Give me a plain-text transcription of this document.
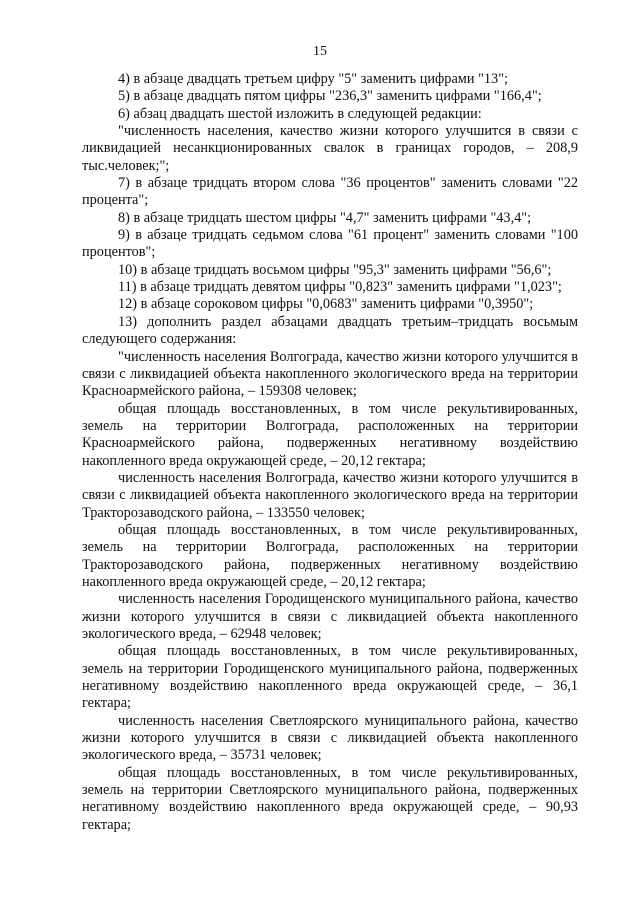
15

4) в абзаце двадцать третьем цифру "5" заменить цифрами "13";

5) в абзаце двадцать пятом цифры "236,3" заменить цифрами "166,4";

6) абзац двадцать шестой изложить в следующей редакции:

"численность населения, качество жизни которого улучшится в связи с ликвидацией несанкционированных свалок в границах городов, – 208,9 тыс.человек;";

7) в абзаце тридцать втором слова "36 процентов" заменить словами "22 процента";

8) в абзаце тридцать шестом цифры "4,7" заменить цифрами "43,4";

9) в абзаце тридцать седьмом слова "61 процент" заменить словами "100 процентов";

10) в абзаце тридцать восьмом цифры "95,3" заменить цифрами "56,6";

11) в абзаце тридцать девятом цифры "0,823" заменить цифрами "1,023";

12) в абзаце сороковом цифры "0,0683" заменить цифрами "0,3950";

13) дополнить раздел абзацами двадцать третьим–тридцать восьмым следующего содержания:

"численность населения Волгограда, качество жизни которого улучшится в связи с ликвидацией объекта накопленного экологического вреда на территории Красноармейского района, – 159308 человек;

общая площадь восстановленных, в том числе рекультивированных, земель на территории Волгограда, расположенных на территории Красноармейского района, подверженных негативному воздействию накопленного вреда окружающей среде, – 20,12 гектара;

численность населения Волгограда, качество жизни которого улучшится в связи с ликвидацией объекта накопленного экологического вреда на территории Тракторозаводского района, – 133550 человек;

общая площадь восстановленных, в том числе рекультивированных, земель на территории Волгограда, расположенных на территории Тракторозаводского района, подверженных негативному воздействию накопленного вреда окружающей среде, – 20,12 гектара;

численность населения Городищенского муниципального района, качество жизни которого улучшится в связи с ликвидацией объекта накопленного экологического вреда, – 62948 человек;

общая площадь восстановленных, в том числе рекультивированных, земель на территории Городищенского муниципального района, подверженных негативному воздействию накопленного вреда окружающей среде, – 36,1 гектара;

численность населения Светлоярского муниципального района, качество жизни которого улучшится в связи с ликвидацией объекта накопленного экологического вреда, – 35731 человек;

общая площадь восстановленных, в том числе рекультивированных, земель на территории Светлоярского муниципального района, подверженных негативному воздействию накопленного вреда окружающей среде, – 90,93 гектара;
